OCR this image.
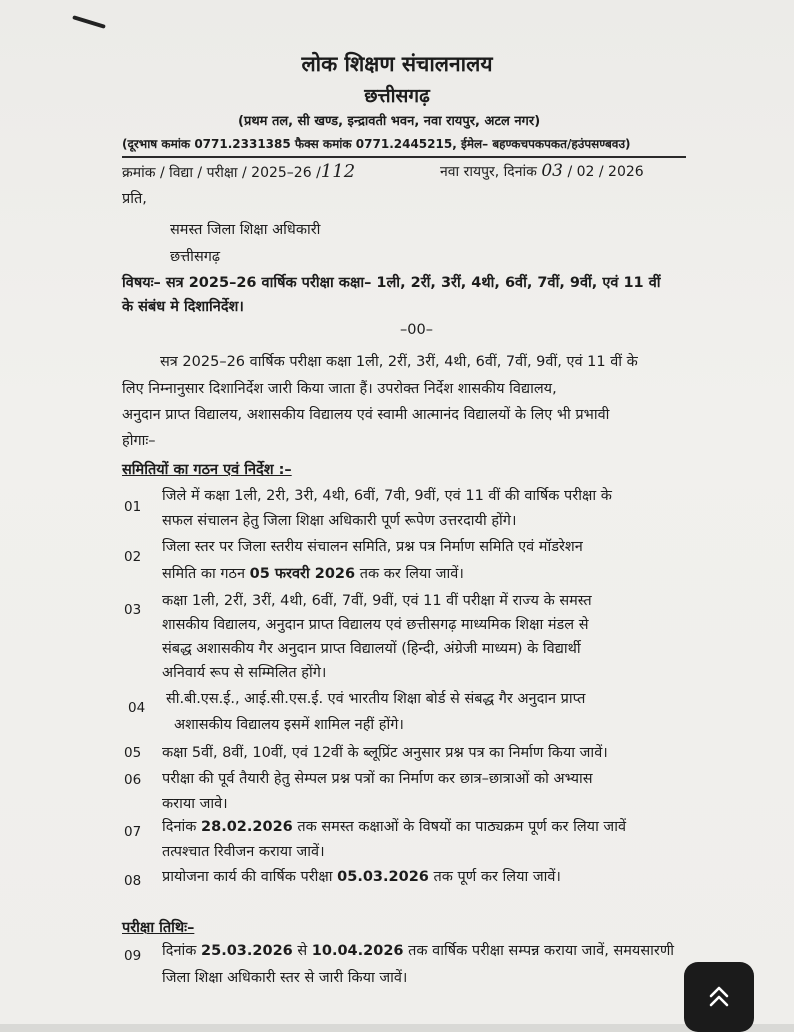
लोक शिक्षण संचालनालय
छत्तीसगढ़
(प्रथम तल, सी खण्ड, इन्द्रावती भवन, नवा रायपुर, अटल नगर)
(दूरभाष कमांक 0771.2331385 फैक्स कमांक 0771.2445215, ईमेल– बहण्कचपकपकत/हउंपसण्बवउ)
क्रमांक / विद्या / परीक्षा / 2025–26 /112	नवा रायपुर, दिनांक 03 / 02 / 2026
प्रति,
समस्त जिला शिक्षा अधिकारी
छत्तीसगढ़
विषयः– सत्र 2025–26 वार्षिक परीक्षा कक्षा– 1ली, 2रीं, 3रीं, 4थी, 6वीं, 7वीं, 9वीं, एवं 11 वीं
के संबंध मे दिशानिर्देश।
–00–
सत्र 2025–26 वार्षिक परीक्षा कक्षा 1ली, 2रीं, 3रीं, 4थी, 6वीं, 7वीं, 9वीं, एवं 11 वीं के
लिए निम्नानुसार दिशानिर्देश जारी किया जाता हैं। उपरोक्त निर्देश शासकीय विद्यालय,
अनुदान प्राप्त विद्यालय, अशासकीय विद्यालय एवं स्वामी आत्मानंद विद्यालयों के लिए भी प्रभावी
होगाः–
समितियों का गठन एवं निर्देश :–
01
जिले में कक्षा 1ली, 2री, 3री, 4थी, 6वीं, 7वी, 9वीं, एवं 11 वीं की वार्षिक परीक्षा के
सफल संचालन हेतु जिला शिक्षा अधिकारी पूर्ण रूपेण उत्तरदायी होंगे।
02
जिला स्तर पर जिला स्तरीय संचालन समिति, प्रश्न पत्र निर्माण समिति एवं मॉडरेशन
समिति का गठन 05 फरवरी 2026 तक कर लिया जावें।
03
कक्षा 1ली, 2रीं, 3रीं, 4थी, 6वीं, 7वीं, 9वीं, एवं 11 वीं परीक्षा में राज्य के समस्त
शासकीय विद्यालय, अनुदान प्राप्त विद्यालय एवं छत्तीसगढ़ माध्यमिक शिक्षा मंडल से
संबद्ध अशासकीय गैर अनुदान प्राप्त विद्यालयों (हिन्दी, अंग्रेजी माध्यम) के विद्यार्थी
अनिवार्य रूप से सम्मिलित होंगे।
04
सी.बी.एस.ई., आई.सी.एस.ई. एवं भारतीय शिक्षा बोर्ड से संबद्ध गैर अनुदान प्राप्त
अशासकीय विद्यालय इसमें शामिल नहीं होंगे।
05 कक्षा 5वीं, 8वीं, 10वीं, एवं 12वीं के ब्लूप्रिंट अनुसार प्रश्न पत्र का निर्माण किया जावें।
06 परीक्षा की पूर्व तैयारी हेतु सेम्पल प्रश्न पत्रों का निर्माण कर छात्र–छात्राओं को अभ्यास
कराया जावे।
07 दिनांक 28.02.2026 तक समस्त कक्षाओं के विषयों का पाठ्यक्रम पूर्ण कर लिया जावें
तत्पश्चात रिवीजन कराया जावें।
08 प्रायोजना कार्य की वार्षिक परीक्षा 05.03.2026 तक पूर्ण कर लिया जावें।
परीक्षा तिथिः–
09 दिनांक 25.03.2026 से 10.04.2026 तक वार्षिक परीक्षा सम्पन्न कराया जावें, समयसारणी
जिला शिक्षा अधिकारी स्तर से जारी किया जावें।
